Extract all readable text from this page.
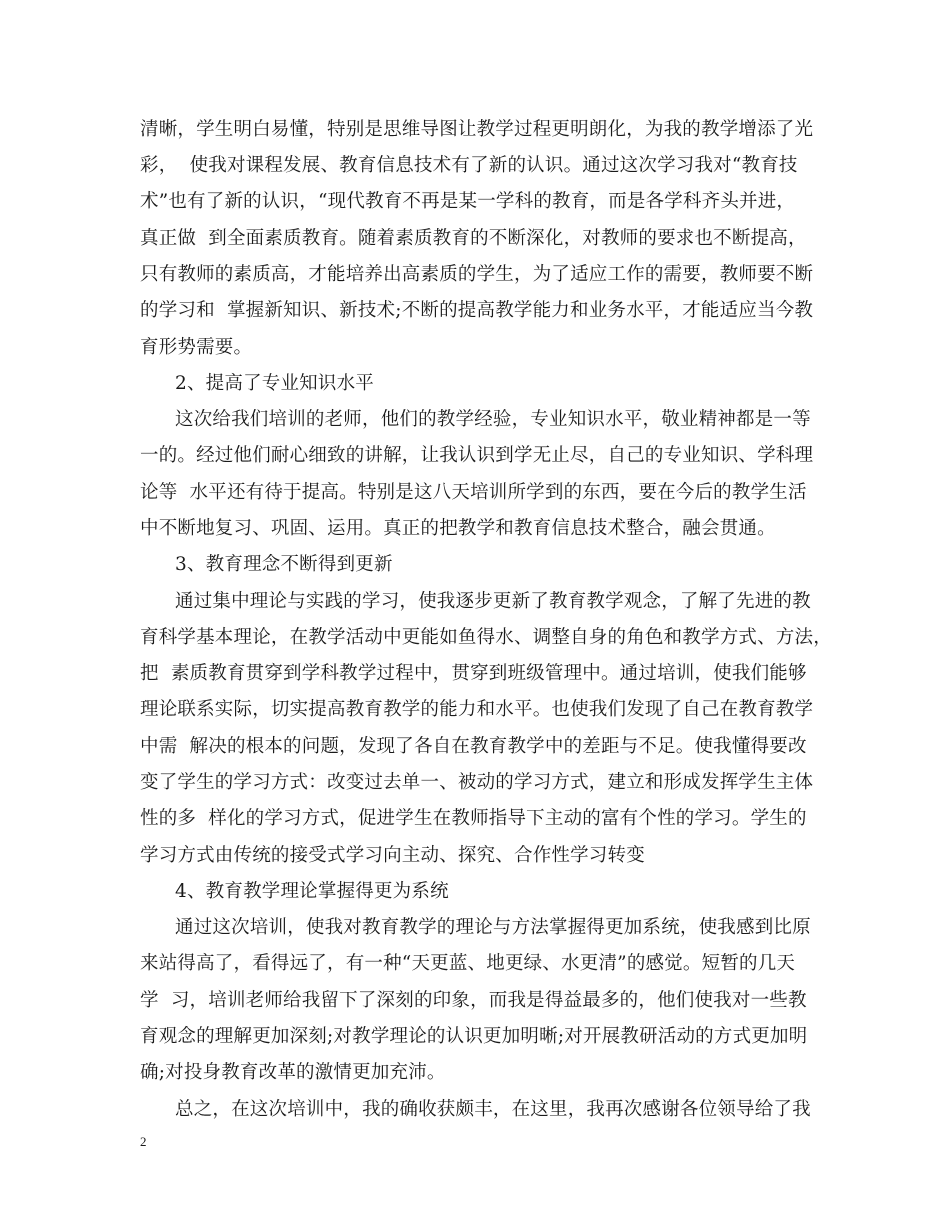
清晰，学生明白易懂，特别是思维导图让教学过程更明朗化，为我的教学增添了光
彩，  使我对课程发展、教育信息技术有了新的认识。通过这次学习我对“教育技
术”也有了新的认识，“现代教育不再是某一学科的教育，而是各学科齐头并进，
真正做  到全面素质教育。随着素质教育的不断深化，对教师的要求也不断提高，
只有教师的素质高，才能培养出高素质的学生，为了适应工作的需要，教师要不断
的学习和  掌握新知识、新技术;不断的提高教学能力和业务水平，才能适应当今教
育形势需要。
2、提高了专业知识水平
这次给我们培训的老师，他们的教学经验，专业知识水平，敬业精神都是一等
一的。经过他们耐心细致的讲解，让我认识到学无止尽，自己的专业知识、学科理
论等  水平还有待于提高。特别是这八天培训所学到的东西，要在今后的教学生活
中不断地复习、巩固、运用。真正的把教学和教育信息技术整合，融会贯通。
3、教育理念不断得到更新
通过集中理论与实践的学习，使我逐步更新了教育教学观念，了解了先进的教
育科学基本理论，在教学活动中更能如鱼得水、调整自身的角色和教学方式、方法，
把  素质教育贯穿到学科教学过程中，贯穿到班级管理中。通过培训，使我们能够
理论联系实际，切实提高教育教学的能力和水平。也使我们发现了自己在教育教学
中需  解决的根本的问题，发现了各自在教育教学中的差距与不足。使我懂得要改
变了学生的学习方式：改变过去单一、被动的学习方式，建立和形成发挥学生主体
性的多  样化的学习方式，促进学生在教师指导下主动的富有个性的学习。学生的
学习方式由传统的接受式学习向主动、探究、合作性学习转变
4、教育教学理论掌握得更为系统
通过这次培训，使我对教育教学的理论与方法掌握得更加系统，使我感到比原
来站得高了，看得远了，有一种“天更蓝、地更绿、水更清”的感觉。短暂的几天
学  习，培训老师给我留下了深刻的印象，而我是得益最多的，他们使我对一些教
育观念的理解更加深刻;对教学理论的认识更加明晰;对开展教研活动的方式更加明
确;对投身教育改革的激情更加充沛。
总之，在这次培训中，我的确收获颇丰，在这里，我再次感谢各位领导给了我
2
